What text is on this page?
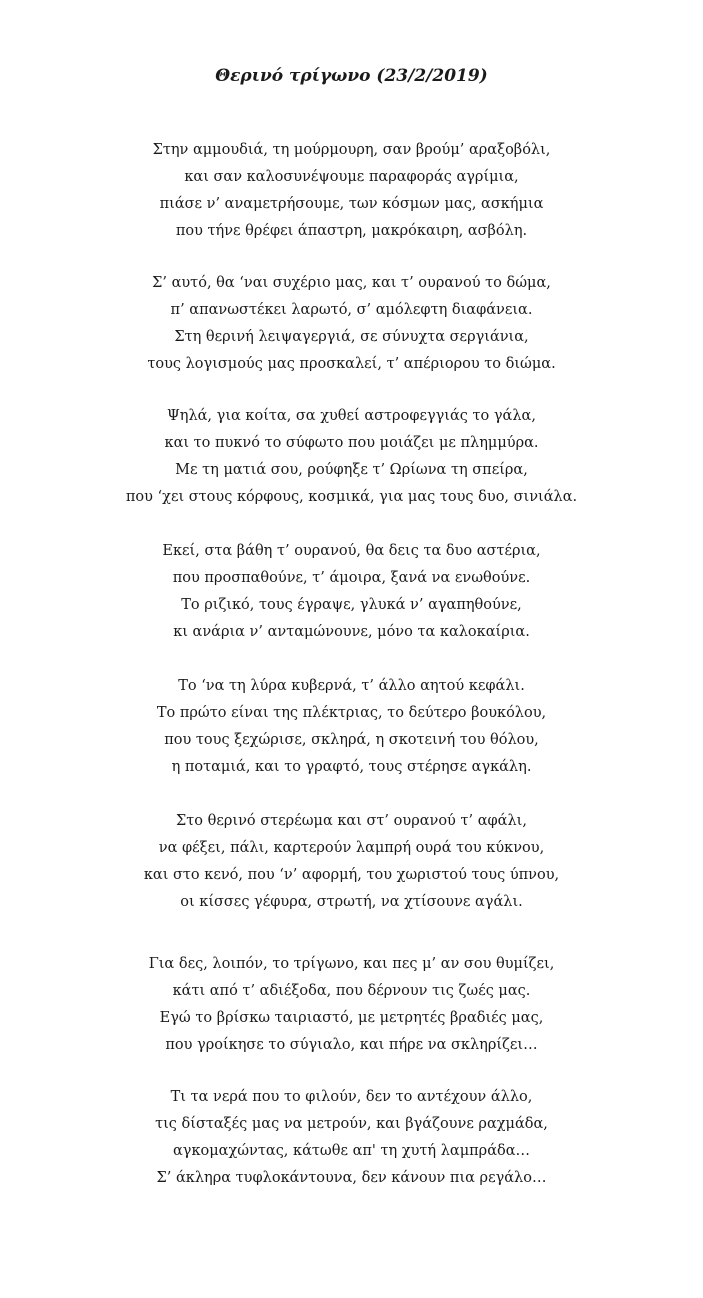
Θερινό τρίγωνο (23/2/2019)
Στην αμμουδιά, τη μούρμουρη, σαν βρούμ’ αραξοβόλι,
και σαν καλοσυνέψουμε παραφοράς αγρίμια,
πιάσε ν’ αναμετρήσουμε, των κόσμων μας, ασκήμια
που τήνε θρέφει άπαστρη, μακρόκαιρη, ασβόλη.
Σ’ αυτό, θα ‘ναι συχέριο μας, και τ’ ουρανού το δώμα,
π’ απανωστέκει λαρωτό, σ’ αμόλεφτη διαφάνεια.
Στη θερινή λειψαγεργιά, σε σύνυχτα σεργιάνια,
τους λογισμούς μας προσκαλεί, τ’ απέριορου το διώμα.
Ψηλά, για κοίτα, σα χυθεί αστροφεγγιάς το γάλα,
και το πυκνό το σύφωτο που μοιάζει με πλημμύρα.
Με τη ματιά σου, ρούφηξε τ’ Ωρίωνα τη σπείρα,
που ‘χει στους κόρφους, κοσμικά, για μας τους δυο, σινιάλα.
Εκεί, στα βάθη τ’ ουρανού, θα δεις τα δυο αστέρια,
που προσπαθούνε, τ’ άμοιρα, ξανά να ενωθούνε.
Το ριζικό, τους έγραψε, γλυκά ν’ αγαπηθούνε,
κι ανάρια ν’ ανταμώνουνε, μόνο τα καλοκαίρια.
Το ‘να τη λύρα κυβερνά, τ’ άλλο αητού κεφάλι.
Το πρώτο είναι της πλέκτριας, το δεύτερο βουκόλου,
που τους ξεχώρισε, σκληρά, η σκοτεινή του θόλου,
η ποταμιά, και το γραφτό, τους στέρησε αγκάλη.
Στο θερινό στερέωμα και στ’ ουρανού τ’ αφάλι,
να φέξει, πάλι, καρτερούν λαμπρή ουρά του κύκνου,
και στο κενό, που ‘ν’ αφορμή, του χωριστού τους ύπνου,
οι κίσσες γέφυρα, στρωτή, να χτίσουνε αγάλι.
Για δες, λοιπόν, το τρίγωνο, και πες μ’ αν σου θυμίζει,
κάτι από τ’ αδιέξοδα, που δέρνουν τις ζωές μας.
Εγώ το βρίσκω ταιριαστό, με μετρητές βραδιές μας,
που γροίκησε το σύγιαλο, και πήρε να σκληρίζει…
Τι τα νερά που το φιλούν, δεν το αντέχουν άλλο,
τις δίσταξές μας να μετρούν, και βγάζουνε ραχμάδα,
αγκομαχώντας, κάτωθε απ' τη χυτή λαμπράδα…
Σ’ άκληρα τυφλοκάντουνα, δεν κάνουν πια ρεγάλο…
